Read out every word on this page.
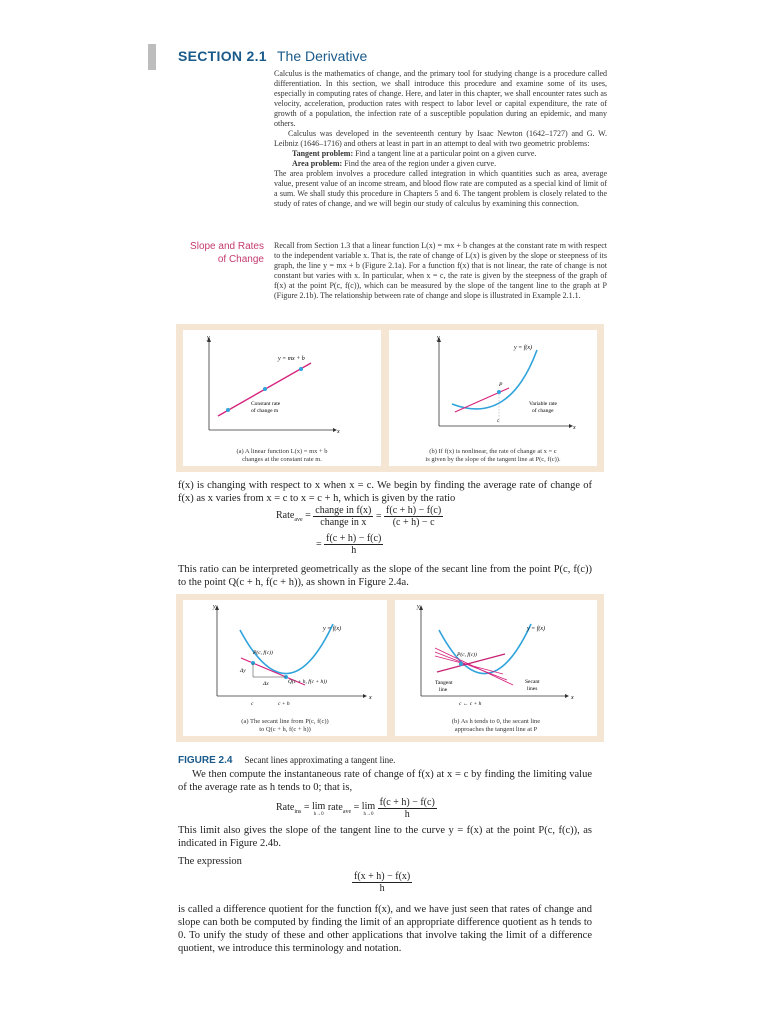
SECTION 2.1 The Derivative

Calculus is the mathematics of change, and the primary tool for studying change is a procedure called differentiation. In this section, we shall introduce this procedure and examine some of its uses, especially in computing rates of change. Here, and later in this chapter, we shall encounter rates such as velocity, acceleration, production rates with respect to labor level or capital expenditure, the rate of growth of a population, the infection rate of a susceptible population during an epidemic, and many others.

Calculus was developed in the seventeenth century by Isaac Newton (1642–1727) and G. W. Leibniz (1646–1716) and others at least in part in an attempt to deal with two geometric problems:

Tangent problem: Find a tangent line at a particular point on a given curve.

Area problem: Find the area of the region under a given curve.

The area problem involves a procedure called integration in which quantities such as area, average value, present value of an income stream, and blood flow rate are computed as a special kind of limit of a sum. We shall study this procedure in Chapters 5 and 6. The tangent problem is closely related to the study of rates of change, and we will begin our study of calculus by examining this connection.

Slope and Rates
of Change
Recall from Section 1.3 that a linear function L(x) = mx + b changes at the constant rate m with respect to the independent variable x. That is, the rate of change of L(x) is given by the slope or steepness of its graph, the line y = mx + b (Figure 2.1a). For a function f(x) that is not linear, the rate of change is not constant but varies with x. In particular, when x = c, the rate is given by the steepness of the graph of f(x) at the point P(c, f(c)), which can be measured by the slope of the tangent line to the graph at P (Figure 2.1b). The relationship between rate of change and slope is illustrated in Example 2.1.1.
x
y
y = mx + b
Constant rate
of change m
(a) A linear function L(x) = mx + b
changes at the constant rate m.
x
y
P
c
y = f(x)
Variable rate
of change
(b) If f(x) is nonlinear, the rate of change at x = c
is given by the slope of the tangent line at P(c, f(c)).
f(x) is changing with respect to x when x = c. We begin by finding the average rate of change of f(x) as x varies from x = c to x = c + h, which is given by the ratio
Rate$_{ave}$ = $\frac{\text{change in f(x)}}{\text{change in x}} = \frac{f(c + h) - f(c)}{(c + h) - c}$
= $\frac{f(c + h) - f(c)}{h}$
This ratio can be interpreted geometrically as the slope of the secant line from the point P(c, f(c)) to the point Q(c + h, f(c + h)), as shown in Figure 2.4a.
x
y
P(c, f(c))
Q(c + h, f(c + h))
Δy
Δx
y = f(x)
c	c + h
(a) The secant line from P(c, f(c))
to Q(c + h, f(c + h))
x
y
P(c, f(c))
Tangent
line
Secant
lines
y = f(x)
c ← c + h
(b) As h tends to 0, the secant line
approaches the tangent line at P
FIGURE 2.4 Secant lines approximating a tangent line.
We then compute the instantaneous rate of change of f(x) at x = c by finding the limiting value of the average rate as h tends to 0; that is,
Rate$_{ins}$ = lim
h→0
rate$_{ave}$ = lim
h→0
$\frac{f(c + h) - f(c)}{h}$
This limit also gives the slope of the tangent line to the curve y = f(x) at the point P(c, f(c)), as indicated in Figure 2.4b.
The expression
$\frac{f(x + h) - f(x)}{h}$
is called a difference quotient for the function f(x), and we have just seen that rates of change and slope can both be computed by finding the limit of an appropriate difference quotient as h tends to 0. To unify the study of these and other applications that involve taking the limit of a difference quotient, we introduce this terminology and notation.
